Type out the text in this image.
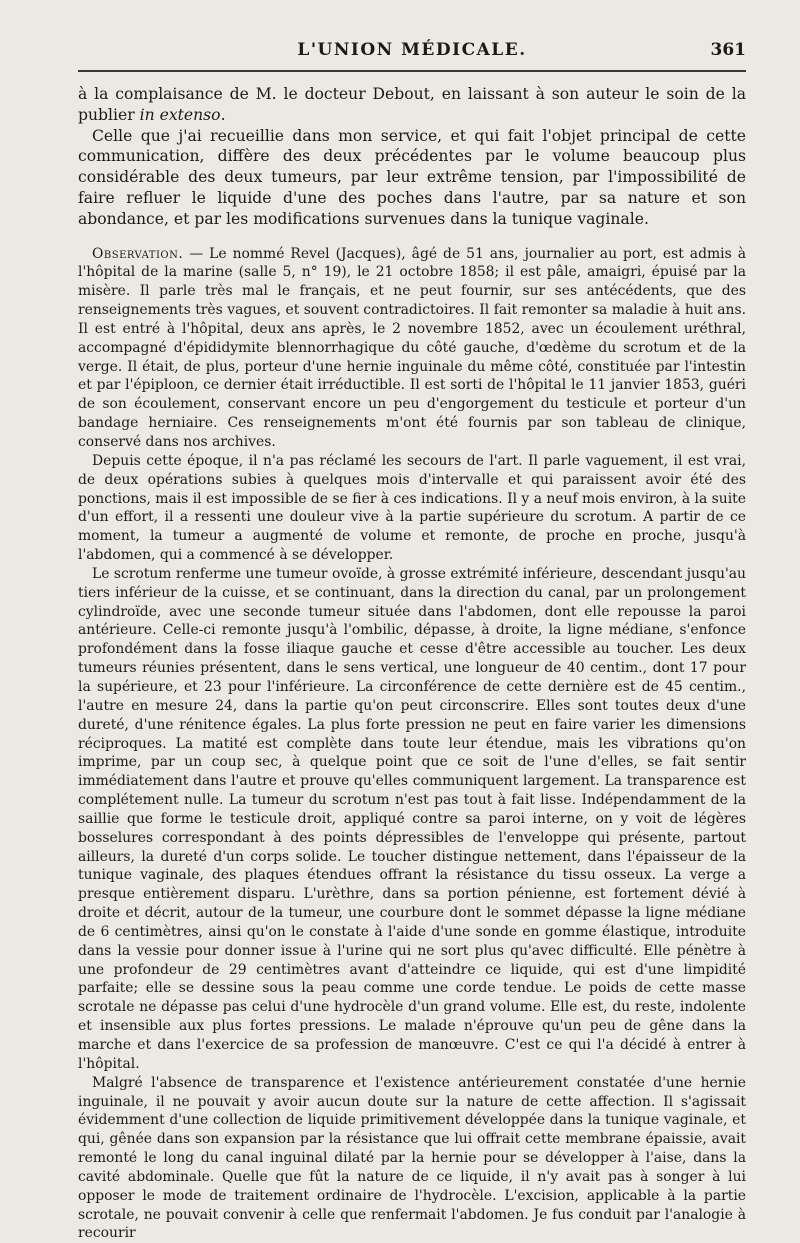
L'UNION MÉDICALE.	361

à la complaisance de M. le docteur Debout, en laissant à son auteur le soin de la publier in extenso.

Celle que j'ai recueillie dans mon service, et qui fait l'objet principal de cette communication, diffère des deux précédentes par le volume beaucoup plus considérable des deux tumeurs, par leur extrême tension, par l'impossibilité de faire refluer le liquide d'une des poches dans l'autre, par sa nature et son abondance, et par les modifications survenues dans la tunique vaginale.

Observation. — Le nommé Revel (Jacques), âgé de 51 ans, journalier au port, est admis à l'hôpital de la marine (salle 5, n° 19), le 21 octobre 1858; il est pâle, amaigri, épuisé par la misère. Il parle très mal le français, et ne peut fournir, sur ses antécédents, que des renseignements très vagues, et souvent contradictoires. Il fait remonter sa maladie à huit ans. Il est entré à l'hôpital, deux ans après, le 2 novembre 1852, avec un écoulement uréthral, accompagné d'épididymite blennorrhagique du côté gauche, d'œdème du scrotum et de la verge. Il était, de plus, porteur d'une hernie inguinale du même côté, constituée par l'intestin et par l'épiploon, ce dernier était irréductible. Il est sorti de l'hôpital le 11 janvier 1853, guéri de son écoulement, conservant encore un peu d'engorgement du testicule et porteur d'un bandage herniaire. Ces renseignements m'ont été fournis par son tableau de clinique, conservé dans nos archives.

Depuis cette époque, il n'a pas réclamé les secours de l'art. Il parle vaguement, il est vrai, de deux opérations subies à quelques mois d'intervalle et qui paraissent avoir été des ponctions, mais il est impossible de se fier à ces indications. Il y a neuf mois environ, à la suite d'un effort, il a ressenti une douleur vive à la partie supérieure du scrotum. A partir de ce moment, la tumeur a augmenté de volume et remonte, de proche en proche, jusqu'à l'abdomen, qui a commencé à se développer.

Le scrotum renferme une tumeur ovoïde, à grosse extrémité inférieure, descendant jusqu'au tiers inférieur de la cuisse, et se continuant, dans la direction du canal, par un prolongement cylindroïde, avec une seconde tumeur située dans l'abdomen, dont elle repousse la paroi antérieure. Celle-ci remonte jusqu'à l'ombilic, dépasse, à droite, la ligne médiane, s'enfonce profondément dans la fosse iliaque gauche et cesse d'être accessible au toucher. Les deux tumeurs réunies présentent, dans le sens vertical, une longueur de 40 centim., dont 17 pour la supérieure, et 23 pour l'inférieure. La circonférence de cette dernière est de 45 centim., l'autre en mesure 24, dans la partie qu'on peut circonscrire. Elles sont toutes deux d'une dureté, d'une rénitence égales. La plus forte pression ne peut en faire varier les dimensions réciproques. La matité est complète dans toute leur étendue, mais les vibrations qu'on imprime, par un coup sec, à quelque point que ce soit de l'une d'elles, se fait sentir immédiatement dans l'autre et prouve qu'elles communiquent largement. La transparence est complétement nulle. La tumeur du scrotum n'est pas tout à fait lisse. Indépendamment de la saillie que forme le testicule droit, appliqué contre sa paroi interne, on y voit de légères bosselures correspondant à des points dépressibles de l'enveloppe qui présente, partout ailleurs, la dureté d'un corps solide. Le toucher distingue nettement, dans l'épaisseur de la tunique vaginale, des plaques étendues offrant la résistance du tissu osseux. La verge a presque entièrement disparu. L'urèthre, dans sa portion pénienne, est fortement dévié à droite et décrit, autour de la tumeur, une courbure dont le sommet dépasse la ligne médiane de 6 centimètres, ainsi qu'on le constate à l'aide d'une sonde en gomme élastique, introduite dans la vessie pour donner issue à l'urine qui ne sort plus qu'avec difficulté. Elle pénètre à une profondeur de 29 centimètres avant d'atteindre ce liquide, qui est d'une limpidité parfaite; elle se dessine sous la peau comme une corde tendue. Le poids de cette masse scrotale ne dépasse pas celui d'une hydrocèle d'un grand volume. Elle est, du reste, indolente et insensible aux plus fortes pressions. Le malade n'éprouve qu'un peu de gêne dans la marche et dans l'exercice de sa profession de manœuvre. C'est ce qui l'a décidé à entrer à l'hôpital.

Malgré l'absence de transparence et l'existence antérieurement constatée d'une hernie inguinale, il ne pouvait y avoir aucun doute sur la nature de cette affection. Il s'agissait évidemment d'une collection de liquide primitivement développée dans la tunique vaginale, et qui, gênée dans son expansion par la résistance que lui offrait cette membrane épaissie, avait remonté le long du canal inguinal dilaté par la hernie pour se développer à l'aise, dans la cavité abdominale. Quelle que fût la nature de ce liquide, il n'y avait pas à songer à lui opposer le mode de traitement ordinaire de l'hydrocèle. L'excision, applicable à la partie scrotale, ne pouvait convenir à celle que renfermait l'abdomen. Je fus conduit par l'analogie à recourir
